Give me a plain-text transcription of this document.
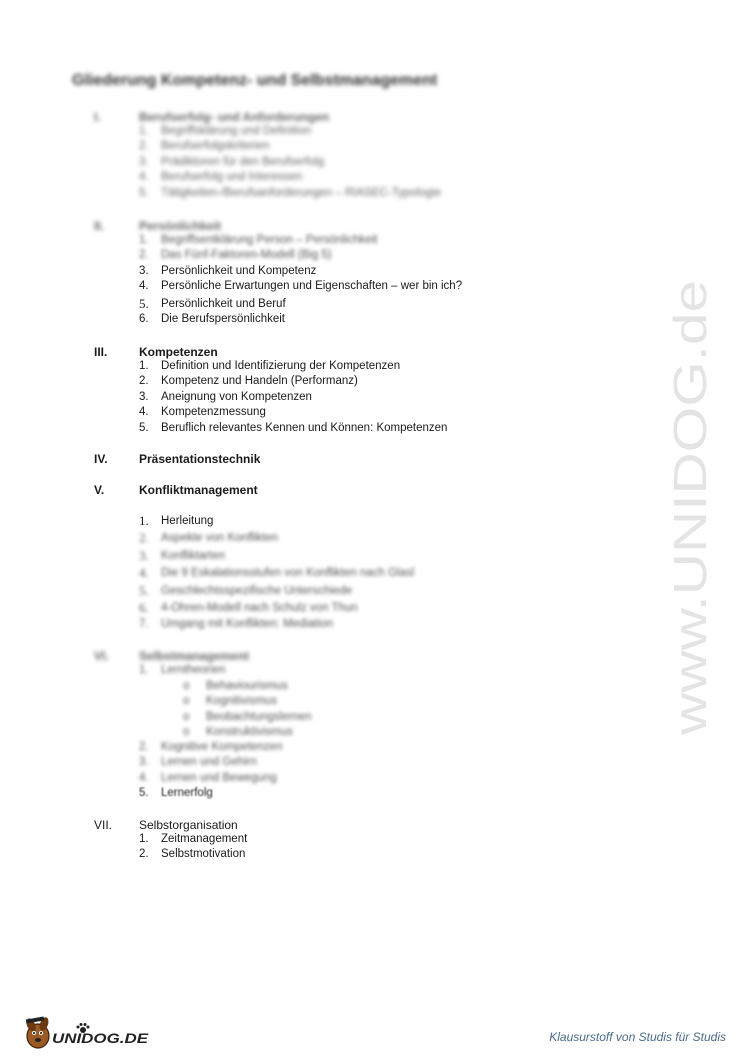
Gliederung Kompetenz- und Selbstmanagement
I.	Berufserfolg- und Anforderungen
1.	Begriffsklärung und Definition
2.	Berufserfolgskriterien
3.	Prädiktoren für den Berufserfolg
4.	Berufserfolg und Interessen
5.	Tätigkeiten-/Berufsanforderungen – RIASEC-Typologie
II.	Persönlichkeit
1.	Begriffsentklärung Person – Persönlichkeit
2.	Das Fünf-Faktoren-Modell (Big 5)
3.	Persönlichkeit und Kompetenz
4.	Persönliche Erwartungen und Eigenschaften – wer bin ich?
5.	Persönlichkeit und Beruf
6.	Die Berufspersönlichkeit
III.	Kompetenzen
1.	Definition und Identifizierung der Kompetenzen
2.	Kompetenz und Handeln (Performanz)
3.	Aneignung von Kompetenzen
4.	Kompetenzmessung
5.	Beruflich relevantes Kennen und Können: Kompetenzen
IV.	Präsentationstechnik
V.	Konfliktmanagement
1.	Herleitung
2.	Aspekte von Konflikten
3.	Konfliktarten
4.	Die 9 Eskalationsstufen von Konflikten nach Glasl
5.	Geschlechtsspezifische Unterschiede
6.	4-Ohren-Modell nach Schulz von Thun
7.	Umgang mit Konflikten: Mediation
VI.	Selbstmanagement
1.	Lerntheorien
o	Behaviourismus
o	Kognitivismus
o	Beobachtungslernen
o	Konstruktivismus
2.	Kognitive Kompetenzen
3.	Lernen und Gehirn
4.	Lernen und Bewegung
5.	Lernerfolg
VII.	Selbstorganisation
1.	Zeitmanagement
2.	Selbstmotivation
www.UNIDOG.de
UNIDOG.DE	Klausurstoff von Studis für Studis
